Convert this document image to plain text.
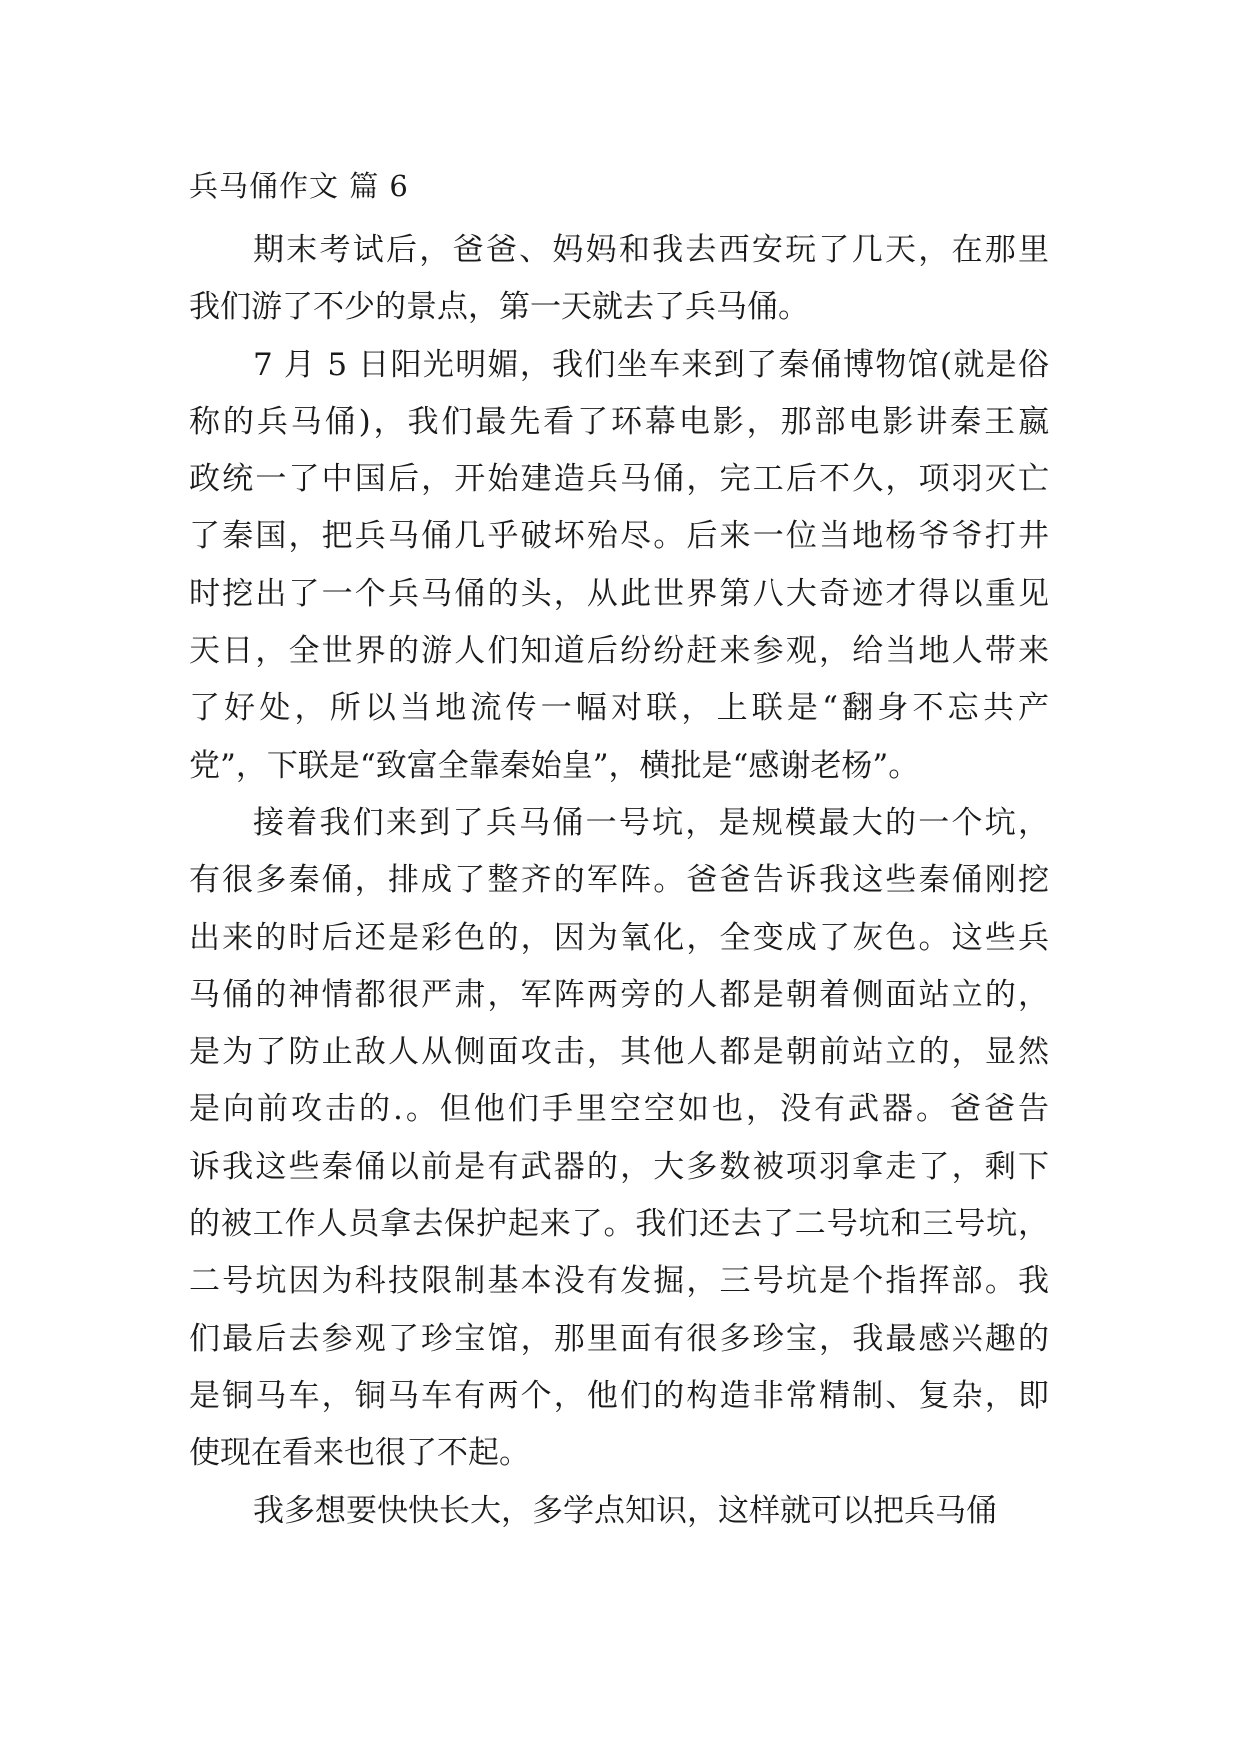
兵马俑作文 篇 6
期末考试后，爸爸、妈妈和我去西安玩了几天，在那里
我们游了不少的景点，第一天就去了兵马俑。
7 月 5 日阳光明媚，我们坐车来到了秦俑博物馆(就是俗
称的兵马俑)，我们最先看了环幕电影，那部电影讲秦王嬴
政统一了中国后，开始建造兵马俑，完工后不久，项羽灭亡
了秦国，把兵马俑几乎破坏殆尽。后来一位当地杨爷爷打井
时挖出了一个兵马俑的头，从此世界第八大奇迹才得以重见
天日，全世界的游人们知道后纷纷赶来参观，给当地人带来
了好处，所以当地流传一幅对联，上联是“翻身不忘共产
党”，下联是“致富全靠秦始皇”，横批是“感谢老杨”。
接着我们来到了兵马俑一号坑，是规模最大的一个坑，
有很多秦俑，排成了整齐的军阵。爸爸告诉我这些秦俑刚挖
出来的时后还是彩色的，因为氧化，全变成了灰色。这些兵
马俑的神情都很严肃，军阵两旁的人都是朝着侧面站立的，
是为了防止敌人从侧面攻击，其他人都是朝前站立的，显然
是向前攻击的.。但他们手里空空如也，没有武器。爸爸告
诉我这些秦俑以前是有武器的，大多数被项羽拿走了，剩下
的被工作人员拿去保护起来了。我们还去了二号坑和三号坑，
二号坑因为科技限制基本没有发掘，三号坑是个指挥部。我
们最后去参观了珍宝馆，那里面有很多珍宝，我最感兴趣的
是铜马车，铜马车有两个，他们的构造非常精制、复杂，即
使现在看来也很了不起。
我多想要快快长大，多学点知识，这样就可以把兵马俑
